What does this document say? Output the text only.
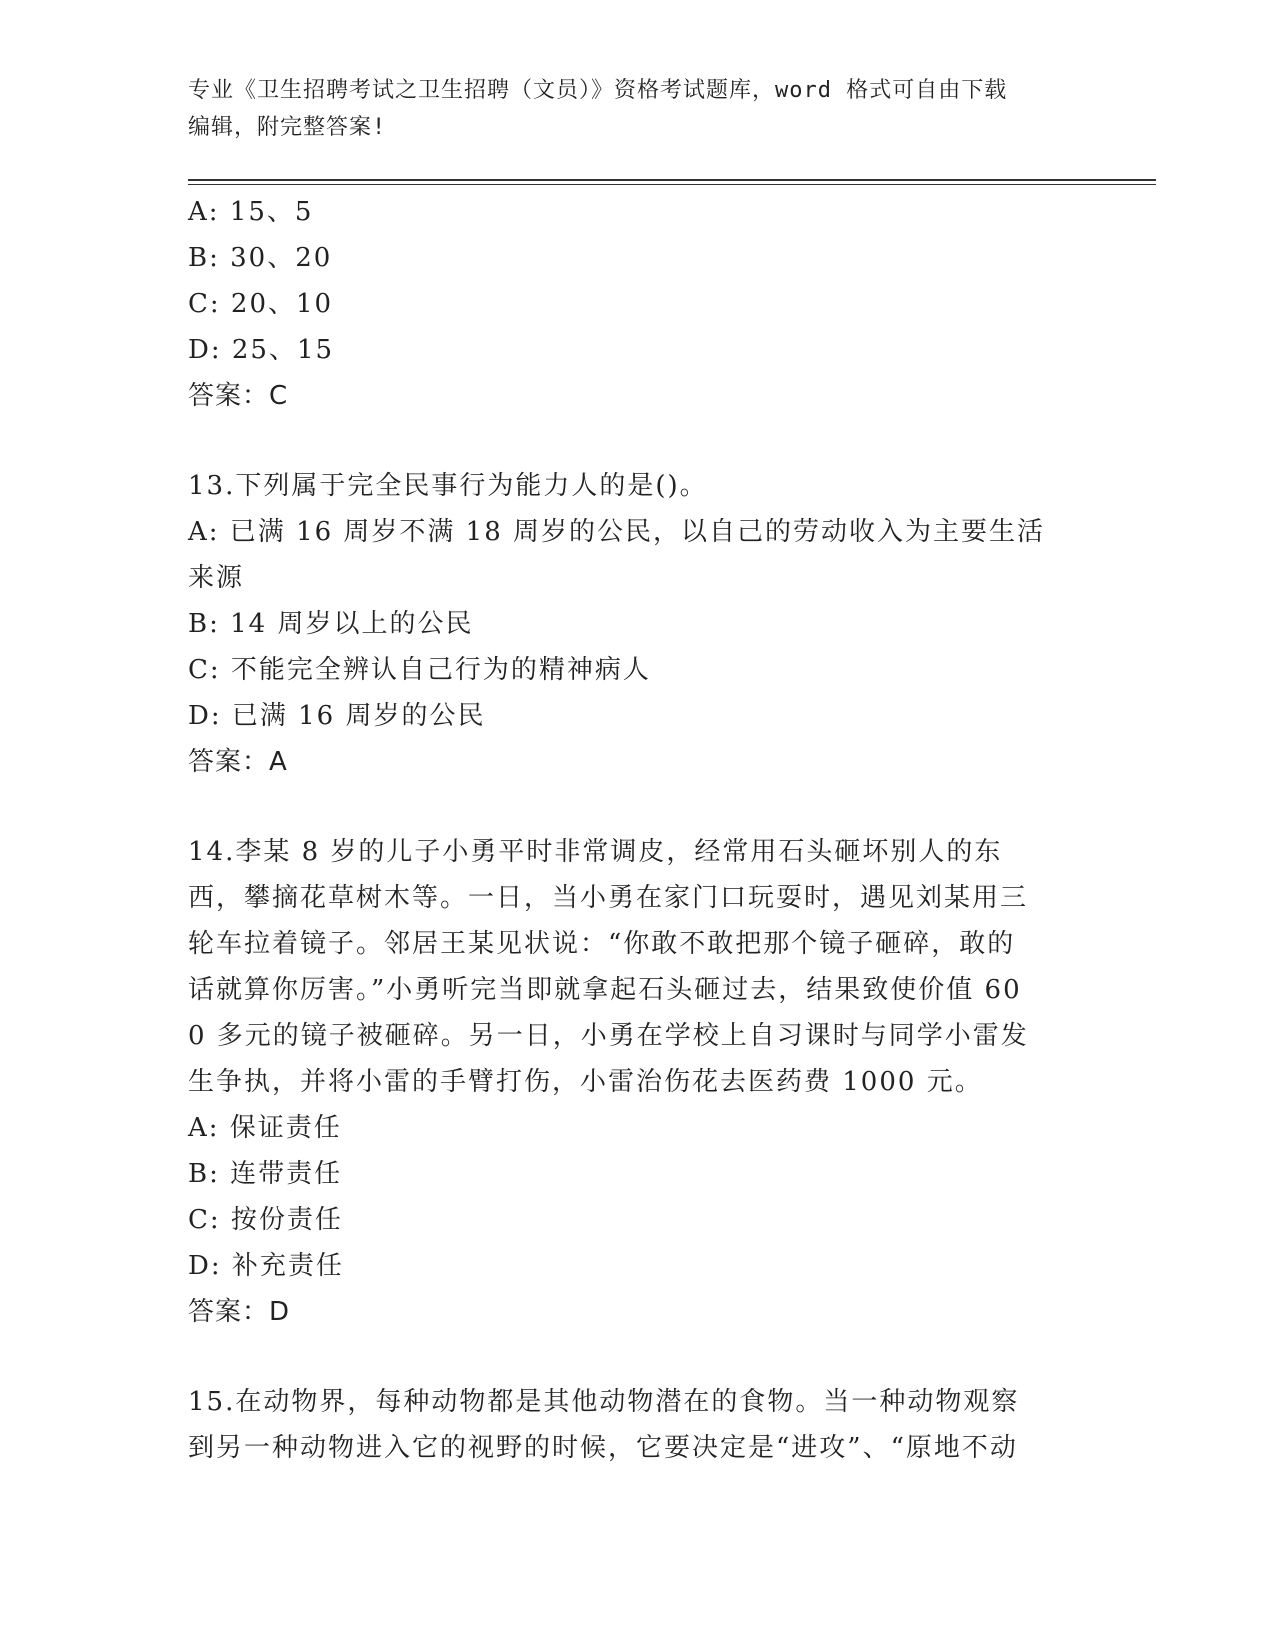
专业《卫生招聘考试之卫生招聘（文员）》资格考试题库，word 格式可自由下载
编辑，附完整答案!
A: 15、5
B: 30、20
C: 20、10
D: 25、15
答案：C
13.下列属于完全民事行为能力人的是()。
A: 已满 16 周岁不满 18 周岁的公民，以自己的劳动收入为主要生活来源
B: 14 周岁以上的公民
C: 不能完全辨认自己行为的精神病人
D: 已满 16 周岁的公民
答案：A
14.李某 8 岁的儿子小勇平时非常调皮，经常用石头砸坏别人的东西，攀摘花草树木等。一日，当小勇在家门口玩耍时，遇见刘某用三轮车拉着镜子。邻居王某见状说：“你敢不敢把那个镜子砸碎，敢的话就算你厉害。”小勇听完当即就拿起石头砸过去，结果致使价值 600 多元的镜子被砸碎。另一日，小勇在学校上自习课时与同学小雷发生争执，并将小雷的手臂打伤，小雷治伤花去医药费 1000 元。
A: 保证责任
B: 连带责任
C: 按份责任
D: 补充责任
答案：D
15.在动物界，每种动物都是其他动物潜在的食物。当一种动物观察到另一种动物进入它的视野的时候，它要决定是“进攻”、“原地不动
